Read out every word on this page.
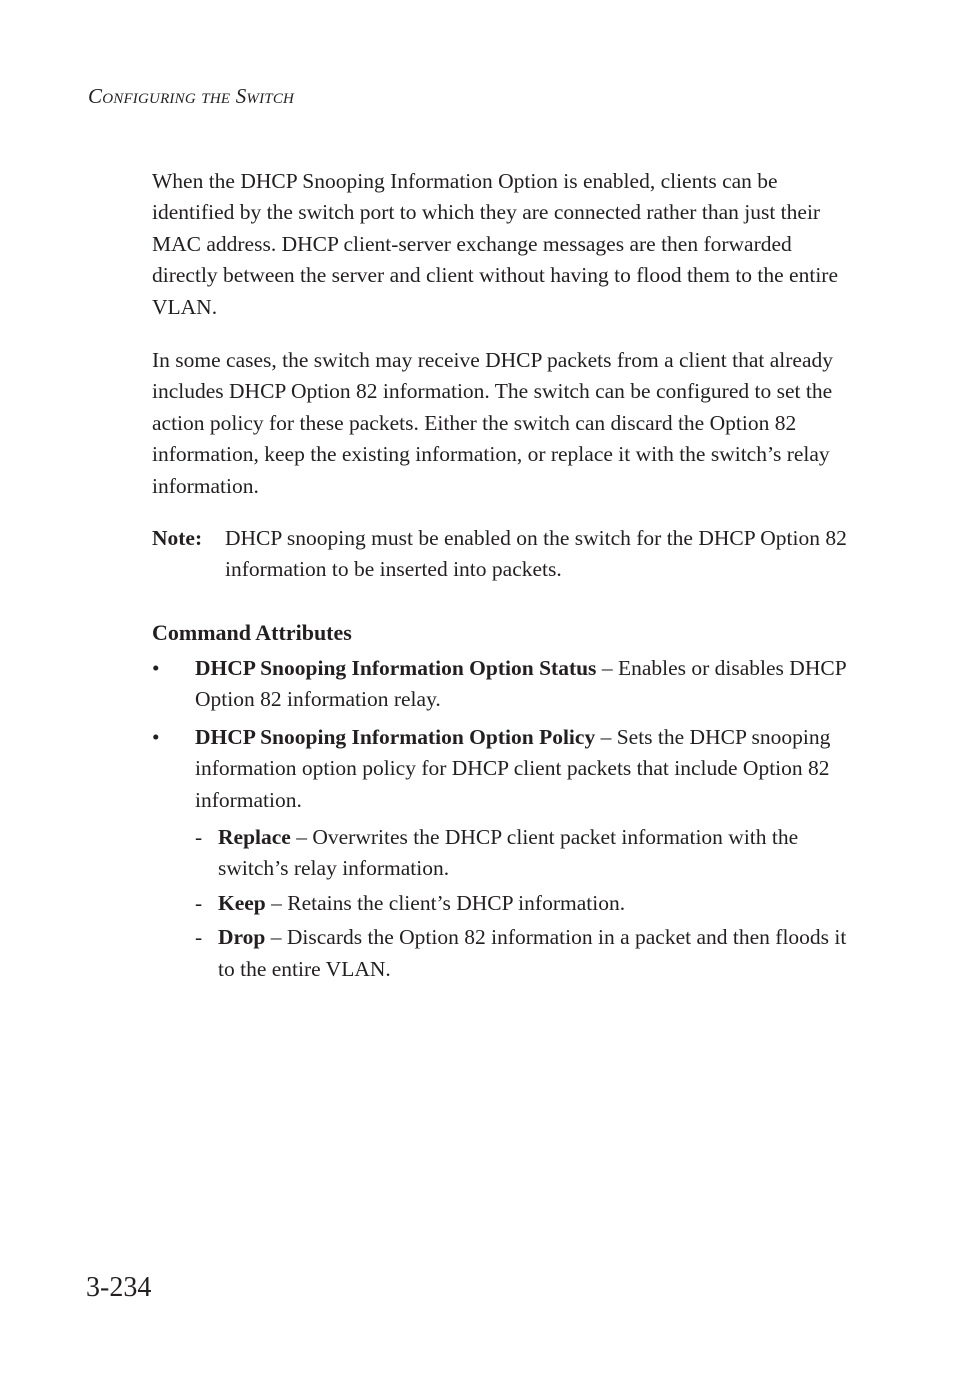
Configuring the Switch

When the DHCP Snooping Information Option is enabled, clients can be identified by the switch port to which they are connected rather than just their MAC address. DHCP client-server exchange messages are then forwarded directly between the server and client without having to flood them to the entire VLAN.

In some cases, the switch may receive DHCP packets from a client that already includes DHCP Option 82 information. The switch can be configured to set the action policy for these packets. Either the switch can discard the Option 82 information, keep the existing information, or replace it with the switch’s relay information.

Note:	DHCP snooping must be enabled on the switch for the DHCP Option 82 information to be inserted into packets.
Command Attributes
• DHCP Snooping Information Option Status – Enables or disables DHCP Option 82 information relay.
• DHCP Snooping Information Option Policy – Sets the DHCP snooping information option policy for DHCP client packets that include Option 82 information.
- Replace – Overwrites the DHCP client packet information with the switch’s relay information.
- Keep – Retains the client’s DHCP information.
- Drop – Discards the Option 82 information in a packet and then floods it to the entire VLAN.
3-234
